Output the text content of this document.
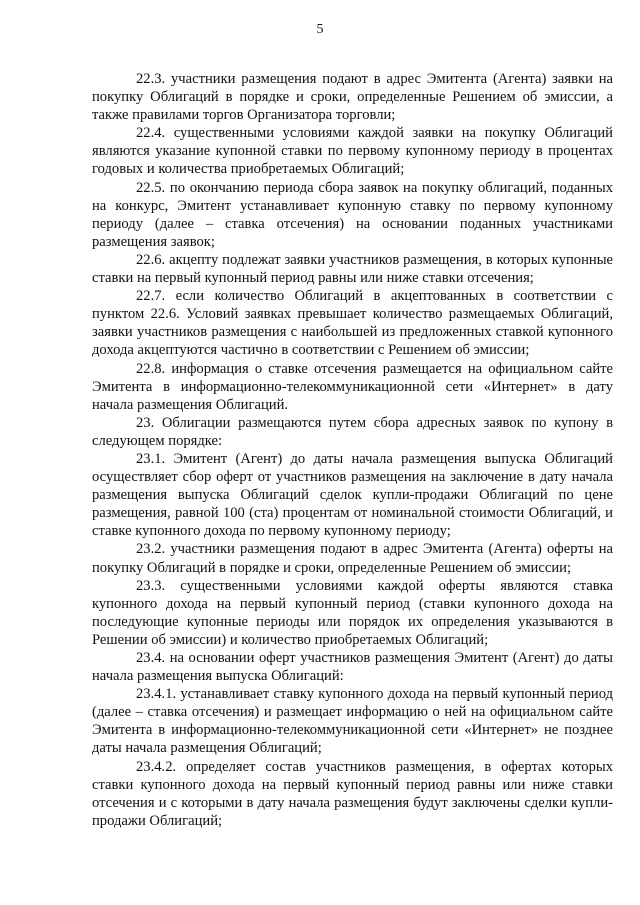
5

22.3. участники размещения подают в адрес Эмитента (Агента) заявки на покупку Облигаций в порядке и сроки, определенные Решением об эмиссии, а также правилами торгов Организатора торговли;

22.4. существенными условиями каждой заявки на покупку Облигаций являются указание купонной ставки по первому купонному периоду в процентах годовых и количества приобретаемых Облигаций;

22.5. по окончанию периода сбора заявок на покупку облигаций, поданных на конкурс, Эмитент устанавливает купонную ставку по первому купонному периоду (далее – ставка отсечения) на основании поданных участниками размещения заявок;

22.6. акцепту подлежат заявки участников размещения, в которых купонные ставки на первый купонный период равны или ниже ставки отсечения;

22.7. если количество Облигаций в акцептованных в соответствии с пунктом 22.6. Условий заявках превышает количество размещаемых Облигаций, заявки участников размещения с наибольшей из предложенных ставкой купонного дохода акцептуются частично в соответствии с Решением об эмиссии;

22.8. информация о ставке отсечения размещается на официальном сайте Эмитента в информационно-телекоммуникационной сети «Интернет» в дату начала размещения Облигаций.

23. Облигации размещаются путем сбора адресных заявок по купону в следующем порядке:

23.1. Эмитент (Агент) до даты начала размещения выпуска Облигаций осуществляет сбор оферт от участников размещения на заключение в дату начала размещения выпуска Облигаций сделок купли-продажи Облигаций по цене размещения, равной 100 (ста) процентам от номинальной стоимости Облигаций, и ставке купонного дохода по первому купонному периоду;

23.2. участники размещения подают в адрес Эмитента (Агента) оферты на покупку Облигаций в порядке и сроки, определенные Решением об эмиссии;

23.3. существенными условиями каждой оферты являются ставка купонного дохода на первый купонный период (ставки купонного дохода на последующие купонные периоды или порядок их определения указываются в Решении об эмиссии) и количество приобретаемых Облигаций;

23.4. на основании оферт участников размещения Эмитент (Агент) до даты начала размещения выпуска Облигаций:

23.4.1. устанавливает ставку купонного дохода на первый купонный период (далее – ставка отсечения) и размещает информацию о ней на официальном сайте Эмитента в информационно-телекоммуникационной сети «Интернет» не позднее даты начала размещения Облигаций;

23.4.2. определяет состав участников размещения, в офертах которых ставки купонного дохода на первый купонный период равны или ниже ставки отсечения и с которыми в дату начала размещения будут заключены сделки купли-продажи Облигаций;
